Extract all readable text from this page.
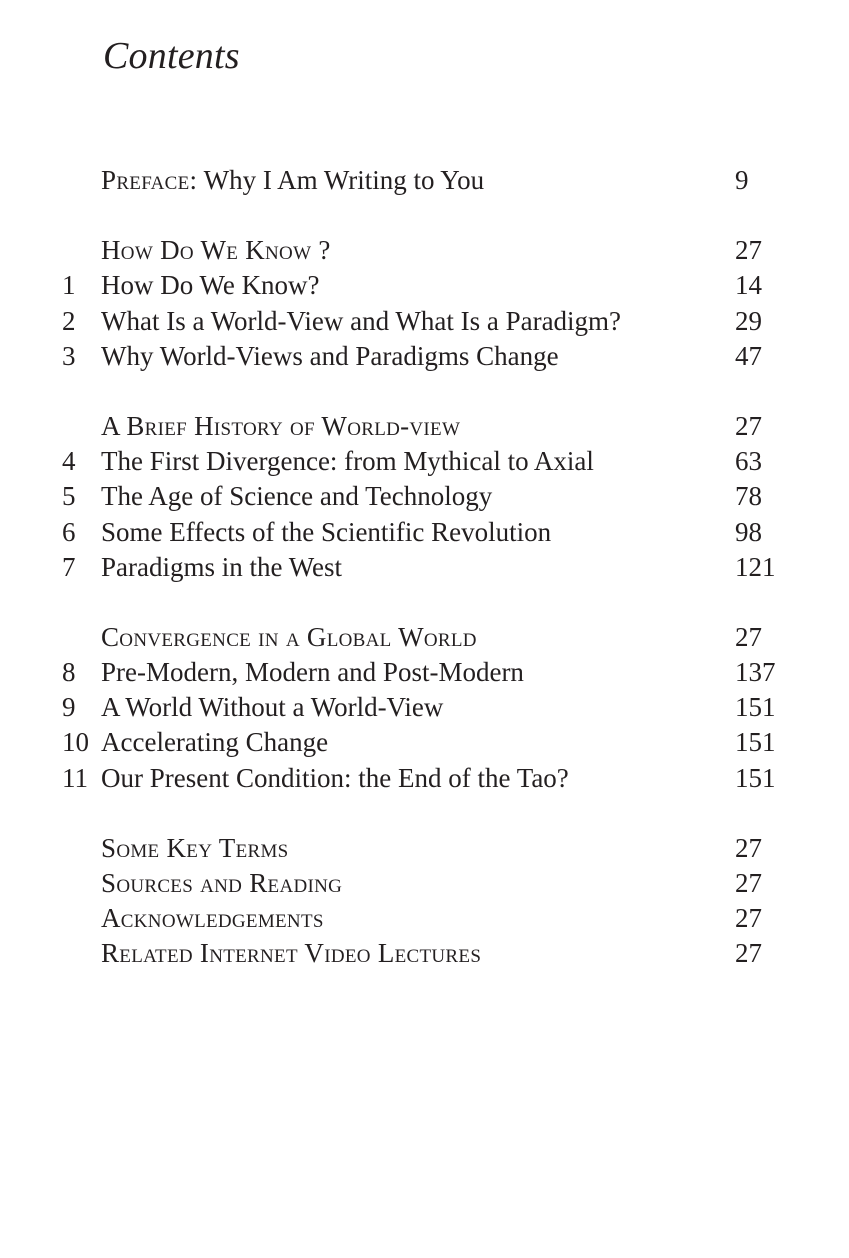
Contents
Preface: Why I Am Writing to You	9
How Do We Know ?	27
1 How Do We Know?	14
2 What Is a World-View and What Is a Paradigm?	29
3 Why World-Views and Paradigms Change	47
A Brief History of World-view	27
4 The First Divergence: from Mythical to Axial	63
5 The Age of Science and Technology	78
6 Some Effects of the Scientific Revolution	98
7 Paradigms in the West	121
Convergence in a Global World	27
8 Pre-Modern, Modern and Post-Modern	137
9 A World Without a World-View	151
10 Accelerating Change	151
11 Our Present Condition: the End of the Tao?	151
Some Key Terms	27
Sources and Reading	27
Acknowledgements	27
Related Internet Video Lectures	27
